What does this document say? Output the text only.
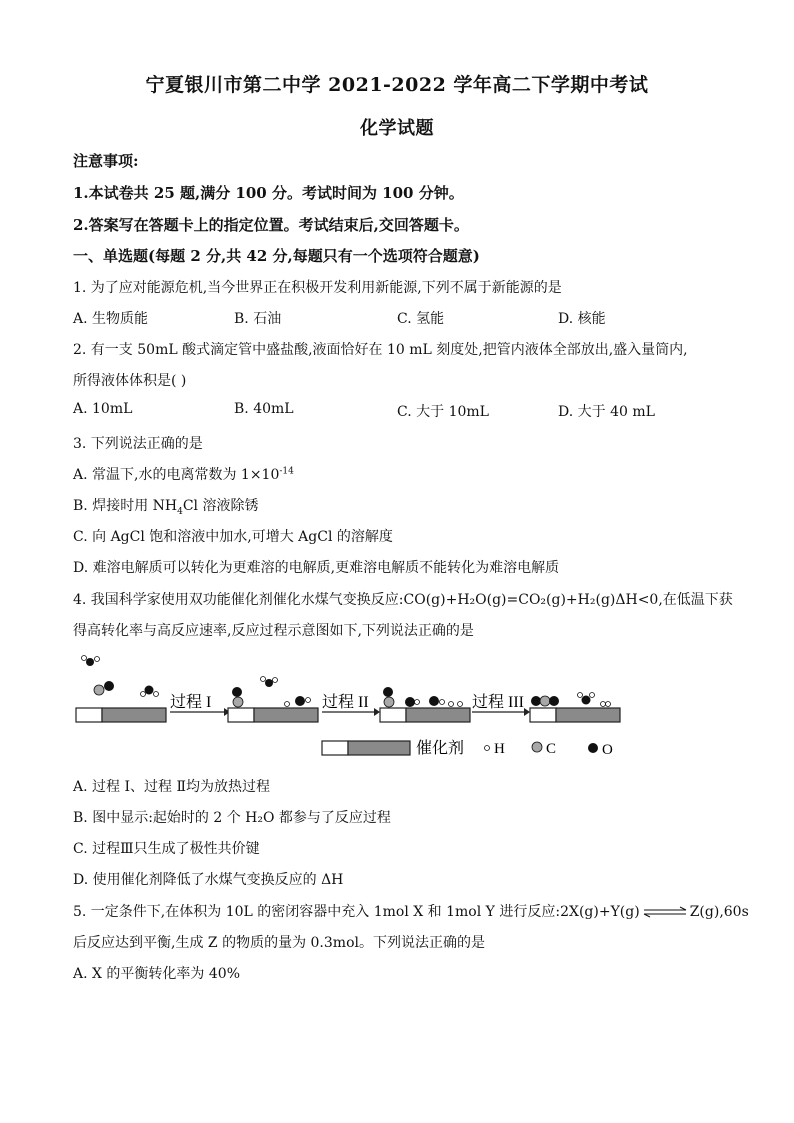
宁夏银川市第二中学 2021-2022 学年高二下学期中考试
化学试题
注意事项:
1.本试卷共 25 题,满分 100 分。考试时间为 100 分钟。
2.答案写在答题卡上的指定位置。考试结束后,交回答题卡。
一、单选题(每题 2 分,共 42 分,每题只有一个选项符合题意)
1. 为了应对能源危机,当今世界正在积极开发利用新能源,下列不属于新能源的是
A. 生物质能	B. 石油	C. 氢能	D. 核能
2. 有一支 50mL 酸式滴定管中盛盐酸,液面恰好在 10 mL 刻度处,把管内液体全部放出,盛入量筒内,
所得液体体积是( )
A. 10mL	B. 40mL	C. 大于 10mL	D. 大于 40 mL
3. 下列说法正确的是
A. 常温下,水的电离常数为 $1\times 10^{-14}$
B. 焊接时用 $NH_4Cl$ 溶液除锈
C. 向 AgCl 饱和溶液中加水,可增大 AgCl 的溶解度
D. 难溶电解质可以转化为更难溶的电解质,更难溶电解质不能转化为难溶电解质
4. 我国科学家使用双功能催化剂催化水煤气变换反应:CO(g)+H₂O(g)=CO₂(g)+H₂(g)ΔH<0,在低温下获
得高转化率与高反应速率,反应过程示意图如下,下列说法正确的是
过程 I	过程 II	过程 III
催化剂 H	C	O
A. 过程 Ⅰ、过程 Ⅱ均为放热过程
B. 图中显示:起始时的 2 个 H₂O 都参与了反应过程
C. 过程Ⅲ只生成了极性共价键
D. 使用催化剂降低了水煤气变换反应的 ΔH
5. 一定条件下,在体积为 10L 的密闭容器中充入 1mol X 和 1mol Y 进行反应:2X(g)+Y(g) ⇌ Z(g),60s
后反应达到平衡,生成 Z 的物质的量为 0.3mol。下列说法正确的是
A. X 的平衡转化率为 40%
